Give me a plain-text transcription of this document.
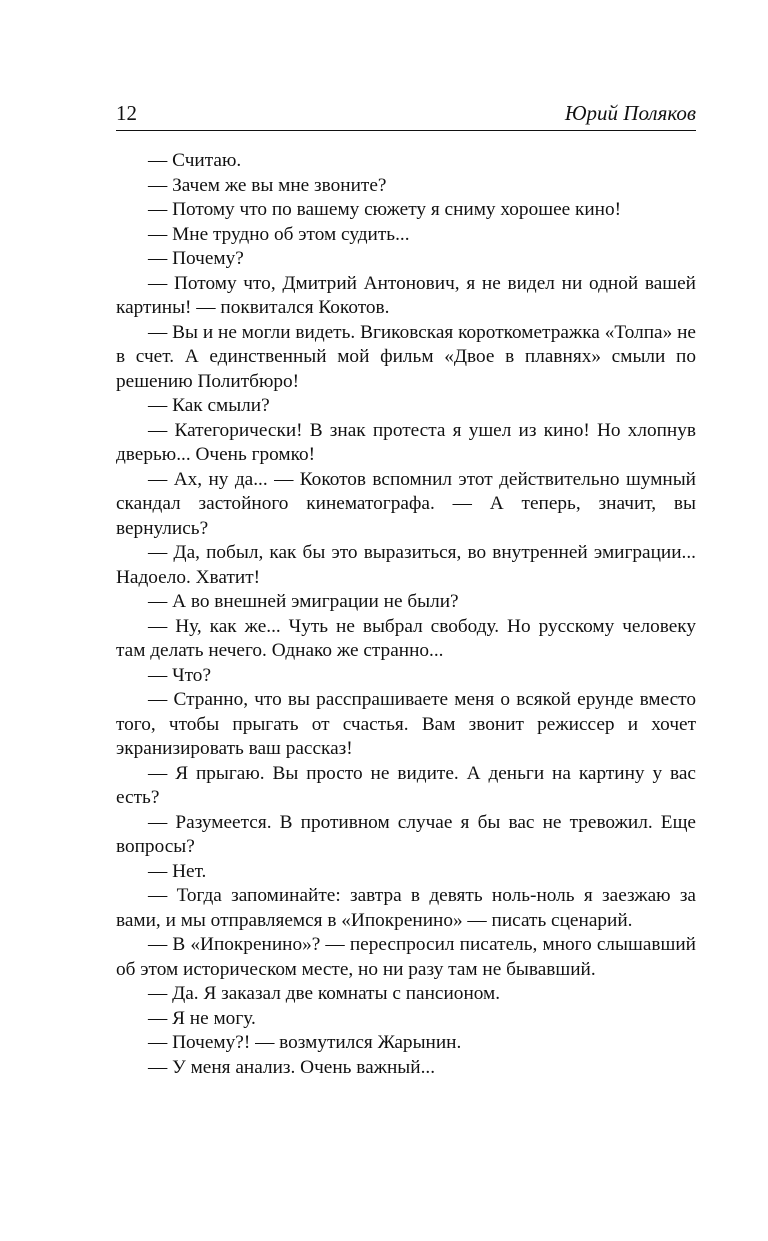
12	Юрий Поляков

— Считаю.

— Зачем же вы мне звоните?

— Потому что по вашему сюжету я сниму хорошее кино!

— Мне трудно об этом судить...

— Почему?

— Потому что, Дмитрий Антонович, я не видел ни одной вашей картины! — поквитался Кокотов.

— Вы и не могли видеть. Вгиковская короткометражка «Толпа» не в счет. А единственный мой фильм «Двое в плавнях» смыли по решению Политбюро!

— Как смыли?

— Категорически! В знак протеста я ушел из кино! Но хлопнув дверью... Очень громко!

— Ах, ну да... — Кокотов вспомнил этот действительно шумный скандал застойного кинематографа. — А теперь, значит, вы вернулись?

— Да, побыл, как бы это выразиться, во внутренней эмиграции... Надоело. Хватит!

— А во внешней эмиграции не были?

— Ну, как же... Чуть не выбрал свободу. Но русскому человеку там делать нечего. Однако же странно...

— Что?

— Странно, что вы расспрашиваете меня о всякой ерунде вместо того, чтобы прыгать от счастья. Вам звонит режиссер и хочет экранизировать ваш рассказ!

— Я прыгаю. Вы просто не видите. А деньги на картину у вас есть?

— Разумеется. В противном случае я бы вас не тревожил. Еще вопросы?

— Нет.

— Тогда запоминайте: завтра в девять ноль-ноль я заезжаю за вами, и мы отправляемся в «Ипокренино» — писать сценарий.

— В «Ипокренино»? — переспросил писатель, много слышавший об этом историческом месте, но ни разу там не бывавший.

— Да. Я заказал две комнаты с пансионом.

— Я не могу.

— Почему?! — возмутился Жарынин.

— У меня анализ. Очень важный...
